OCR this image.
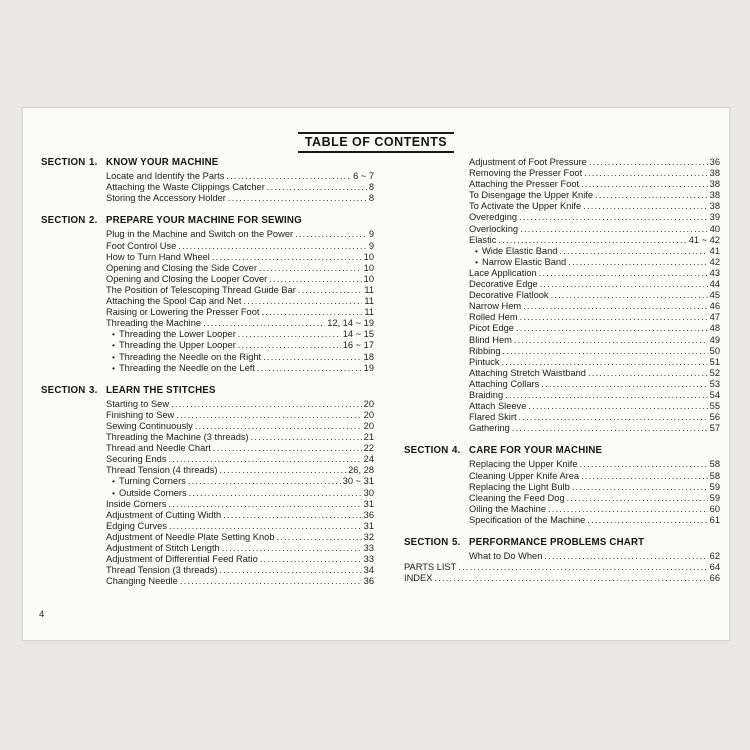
TABLE OF CONTENTS
SECTION 1. KNOW YOUR MACHINE
Locate and Identify the Parts .....	6 ~ 7
Attaching the Waste Clippings Catcher .....	8
Storing the Accessory Holder .....	8
SECTION 2. PREPARE YOUR MACHINE FOR SEWING
Plug in the Machine and Switch on the Power .....	9
Foot Control Use .....	9
How to Turn Hand Wheel .....	10
Opening and Closing the Side Cover .....	10
Opening and Closing the Looper Cover .....	10
The Position of Telescoping Thread Guide Bar .....	11
Attaching the Spool Cap and Net .....	11
Raising or Lowering the Presser Foot .....	11
Threading the Machine .....	12, 14 ~ 19
• Threading the Lower Looper .....	14 ~ 15
• Threading the Upper Looper .....	16 ~ 17
• Threading the Needle on the Right .....	18
• Threading the Needle on the Left .....	19
SECTION 3. LEARN THE STITCHES
Starting to Sew .....	20
Finishing to Sew .....	20
Sewing Continuously .....	20
Threading the Machine (3 threads) .....	21
Thread and Needle Chart .....	22
Securing Ends .....	24
Thread Tension (4 threads) .....	26, 28
• Turning Corners .....	30 ~ 31
• Outside Corners .....	30
Inside Corners .....	31
Adjustment of Cutting Width .....	36
Edging Curves .....	31
Adjustment of Needle Plate Setting Knob .....	32
Adjustment of Stitch Length .....	33
Adjustment of Differential Feed Ratio .....	33
Thread Tension (3 threads) .....	34
Changing Needle .....	36
Adjustment of Foot Pressure .....	36
Removing the Presser Foot .....	38
Attaching the Presser Foot .....	38
To Disengage the Upper Knife .....	38
To Activate the Upper Knife .....	38
Overedging .....	39
Overlocking .....	40
Elastic .....	41 ~ 42
• Wide Elastic Band .....	41
• Narrow Elastic Band .....	42
Lace Application .....	43
Decorative Edge .....	44
Decorative Flatlook .....	45
Narrow Hem .....	46
Rolled Hem .....	47
Picot Edge .....	48
Blind Hem .....	49
Ribbing .....	50
Pintuck .....	51
Attaching Stretch Waistband .....	52
Attaching Collars .....	53
Braiding .....	54
Attach Sleeve .....	55
Flared Skirt .....	56
Gathering .....	57
SECTION 4. CARE FOR YOUR MACHINE
Replacing the Upper Knife .....	58
Cleaning Upper Knife Area .....	58
Replacing the Light Bulb .....	59
Cleaning the Feed Dog .....	59
Oiling the Machine .....	60
Specification of the Machine .....	61
SECTION 5. PERFORMANCE PROBLEMS CHART
What to Do When .....	62
PARTS LIST .....	64
INDEX .....	66
4
